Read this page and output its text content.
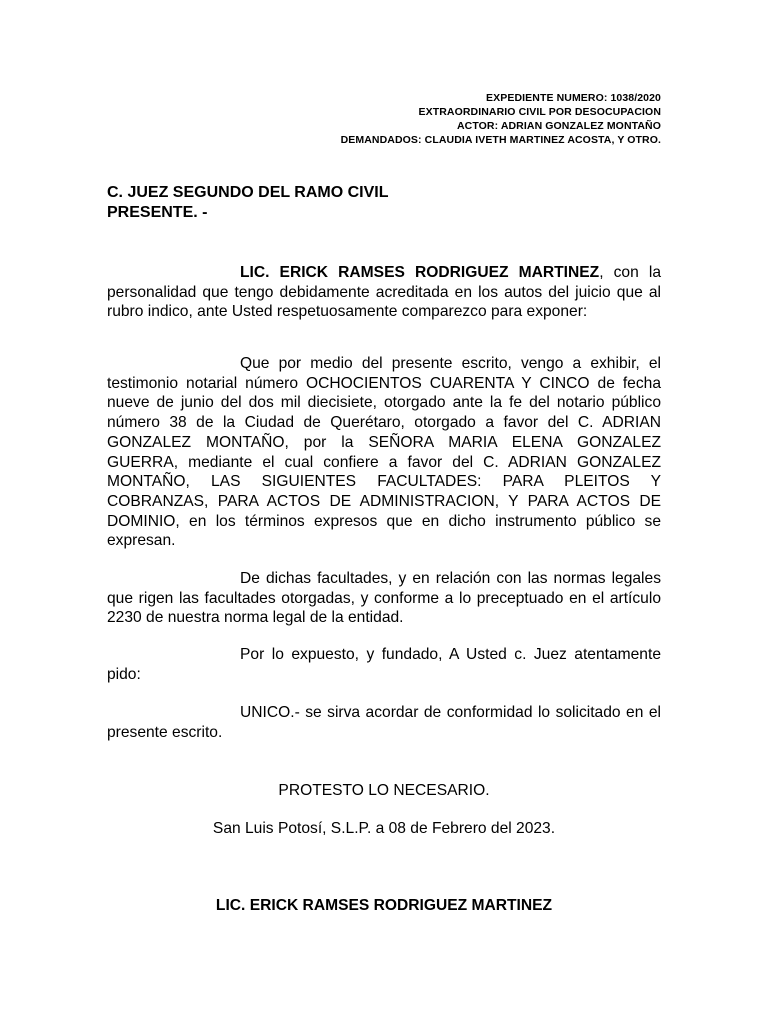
EXPEDIENTE NUMERO: 1038/2020
EXTRAORDINARIO CIVIL POR DESOCUPACION
ACTOR: ADRIAN GONZALEZ MONTAÑO
DEMANDADOS: CLAUDIA IVETH MARTINEZ ACOSTA, Y OTRO.
C. JUEZ SEGUNDO DEL RAMO CIVIL
PRESENTE. -
LIC. ERICK RAMSES RODRIGUEZ MARTINEZ, con la personalidad que tengo debidamente acreditada en los autos del juicio que al rubro indico, ante Usted respetuosamente comparezco para exponer:
Que por medio del presente escrito, vengo a exhibir, el testimonio notarial número OCHOCIENTOS CUARENTA Y CINCO de fecha nueve de junio del dos mil diecisiete, otorgado ante la fe del notario público número 38 de la Ciudad de Querétaro, otorgado a favor del C. ADRIAN GONZALEZ MONTAÑO, por la SEÑORA MARIA ELENA GONZALEZ GUERRA, mediante el cual confiere a favor del C. ADRIAN GONZALEZ MONTAÑO, LAS SIGUIENTES FACULTADES: PARA PLEITOS Y COBRANZAS, PARA ACTOS DE ADMINISTRACION, Y PARA ACTOS DE DOMINIO, en los términos expresos que en dicho instrumento público se expresan.
De dichas facultades, y en relación con las normas legales que rigen las facultades otorgadas, y conforme a lo preceptuado en el artículo 2230 de nuestra norma legal de la entidad.
Por lo expuesto, y fundado, A Usted c. Juez atentamente pido:
UNICO.- se sirva acordar de conformidad lo solicitado en el presente escrito.
PROTESTO LO NECESARIO.
San Luis Potosí, S.L.P. a 08 de Febrero del 2023.
LIC. ERICK RAMSES RODRIGUEZ MARTINEZ
